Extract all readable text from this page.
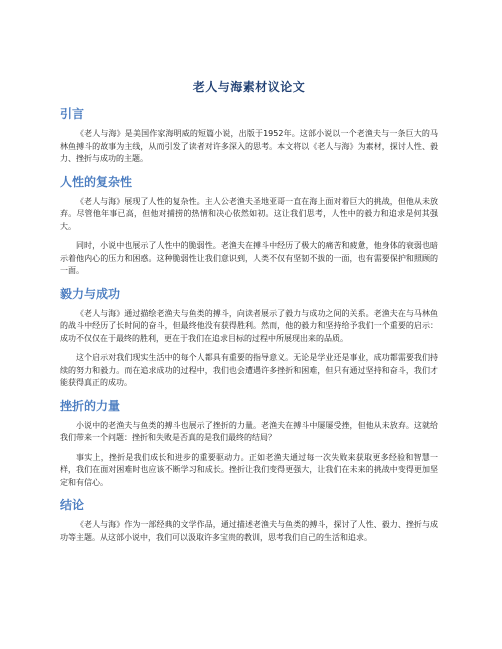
老人与海素材议论文
引言

《老人与海》是美国作家海明威的短篇小说，出版于1952年。这部小说以一个老渔夫与一条巨大的马林鱼搏斗的故事为主线，从而引发了读者对许多深入的思考。本文将以《老人与海》为素材，探讨人性、毅力、挫折与成功的主题。

人性的复杂性

《老人与海》展现了人性的复杂性。主人公老渔夫圣地亚哥一直在海上面对着巨大的挑战，但他从未放弃。尽管他年事已高，但他对捕捞的热情和决心依然如初。这让我们思考，人性中的毅力和追求是何其强大。

同时，小说中也展示了人性中的脆弱性。老渔夫在搏斗中经历了极大的痛苦和疲惫，他身体的衰弱也暗示着他内心的压力和困惑。这种脆弱性让我们意识到，人类不仅有坚韧不拔的一面，也有需要保护和照顾的一面。

毅力与成功

《老人与海》通过描绘老渔夫与鱼类的搏斗，向读者展示了毅力与成功之间的关系。老渔夫在与马林鱼的战斗中经历了长时间的奋斗，但最终他没有获得胜利。然而，他的毅力和坚持给予我们一个重要的启示：成功不仅仅在于最终的胜利，更在于我们在追求目标的过程中所展现出来的品质。

这个启示对我们现实生活中的每个人都具有重要的指导意义。无论是学业还是事业，成功都需要我们持续的努力和毅力。而在追求成功的过程中，我们也会遭遇许多挫折和困难，但只有通过坚持和奋斗，我们才能获得真正的成功。

挫折的力量

小说中的老渔夫与鱼类的搏斗也展示了挫折的力量。老渔夫在搏斗中屡屡受挫，但他从未放弃。这就给我们带来一个问题：挫折和失败是否真的是我们最终的结局？

事实上，挫折是我们成长和进步的重要驱动力。正如老渔夫通过每一次失败来获取更多经验和智慧一样，我们在面对困难时也应该不断学习和成长。挫折让我们变得更强大，让我们在未来的挑战中变得更加坚定和有信心。

结论

《老人与海》作为一部经典的文学作品，通过描述老渔夫与鱼类的搏斗，探讨了人性、毅力、挫折与成功等主题。从这部小说中，我们可以汲取许多宝贵的教训，思考我们自己的生活和追求。
